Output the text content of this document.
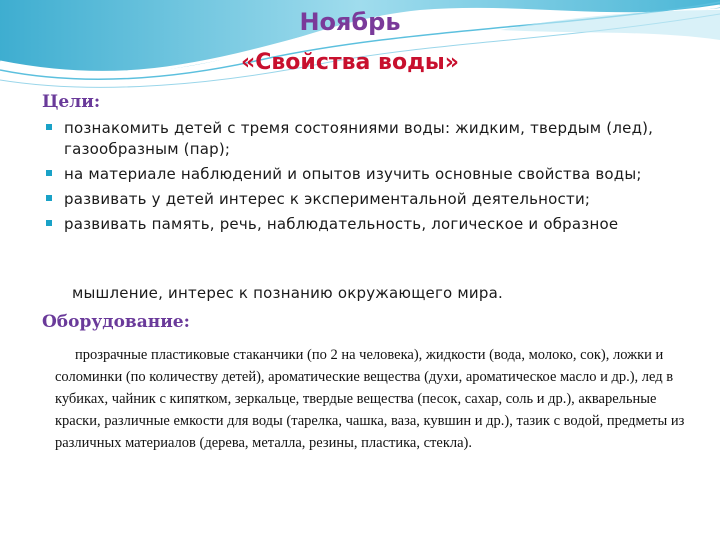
Ноябрь
«Свойства воды»
Цели:
познакомить детей с тремя состояниями воды: жидким, твердым (лед), газообразным (пар);
на материале наблюдений и опытов изучить основные свойства воды;
развивать у детей интерес к экспериментальной деятельности;
развивать память, речь, наблюдательность, логическое и образное
мышление, интерес к познанию окружающего мира.
Оборудование:
прозрачные пластиковые стаканчики (по 2 на человека), жидкости (вода, молоко, сок), ложки и соломинки (по количеству детей), ароматические вещества (духи, ароматическое масло и др.), лед в кубиках, чайник с кипятком, зеркальце, твердые вещества (песок, сахар, соль и др.), акварельные краски, различные емкости для воды (тарелка, чашка, ваза, кувшин и др.), тазик с водой, предметы из различных материалов (дерева, металла, резины, пластика, стекла).
